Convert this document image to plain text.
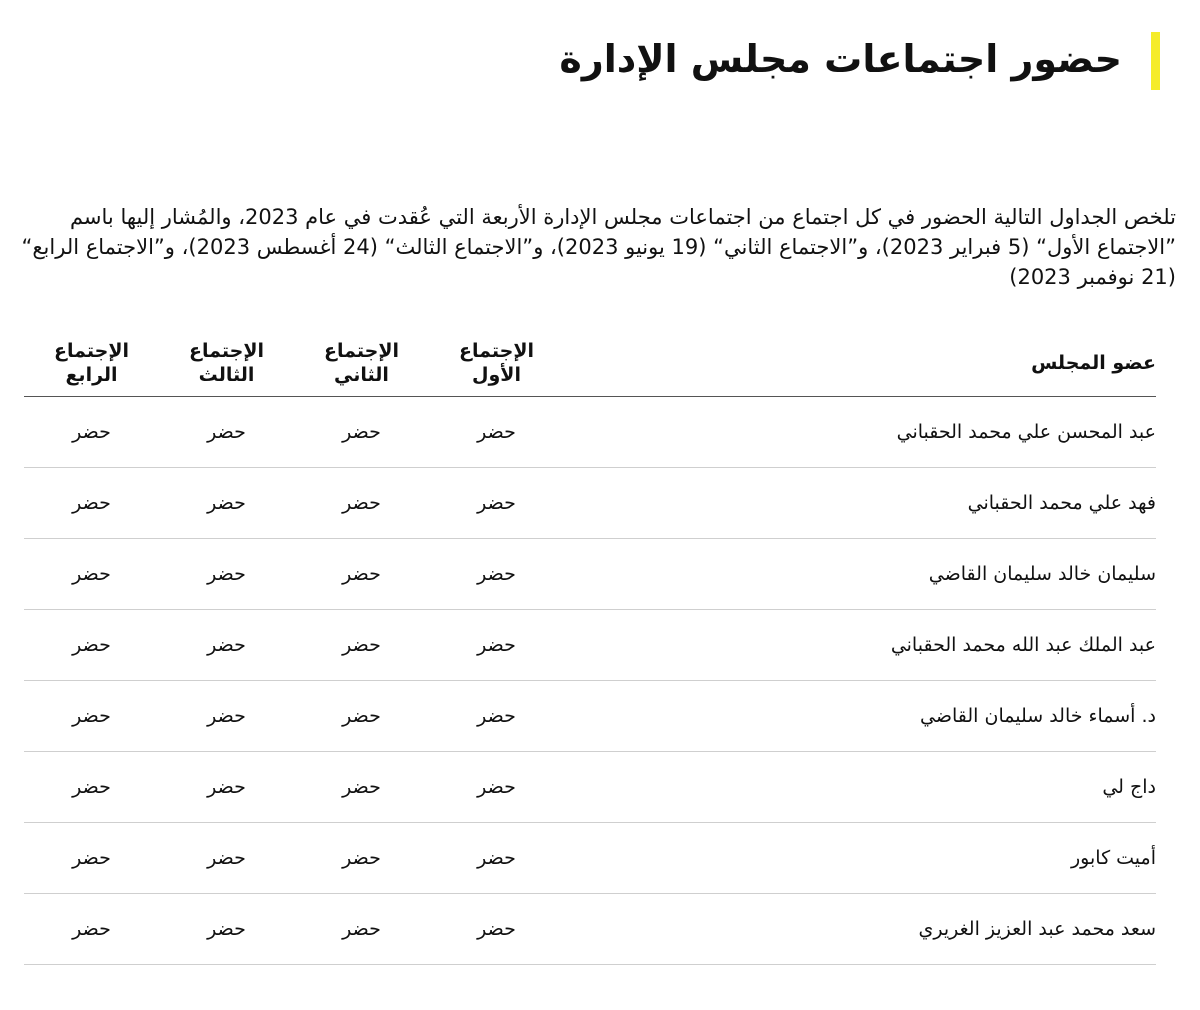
حضور اجتماعات مجلس الإدارة

تلخص الجداول التالية الحضور في كل اجتماع من اجتماعات مجلس الإدارة الأربعة التي عُقدت في عام 2023، والمُشار إليها باسم ”الاجتماع الأول“ (5 فبراير 2023)، و”الاجتماع الثاني“ (19 يونيو 2023)، و”الاجتماع الثالث“ (24 أغسطس 2023)، و”الاجتماع الرابع“ (21 نوفمبر 2023)

عضو المجلس	الإجتماع الأول	الإجتماع الثاني	الإجتماع الثالث	الإجتماع الرابع
عبد المحسن علي محمد الحقباني	حضر	حضر	حضر	حضر
فهد علي محمد الحقباني	حضر	حضر	حضر	حضر
سليمان خالد سليمان القاضي	حضر	حضر	حضر	حضر
عبد الملك عبد الله محمد الحقباني	حضر	حضر	حضر	حضر
د. أسماء خالد سليمان القاضي	حضر	حضر	حضر	حضر
داج لي	حضر	حضر	حضر	حضر
أميت كابور	حضر	حضر	حضر	حضر
سعد محمد عبد العزيز الغريري	حضر	حضر	حضر	حضر
